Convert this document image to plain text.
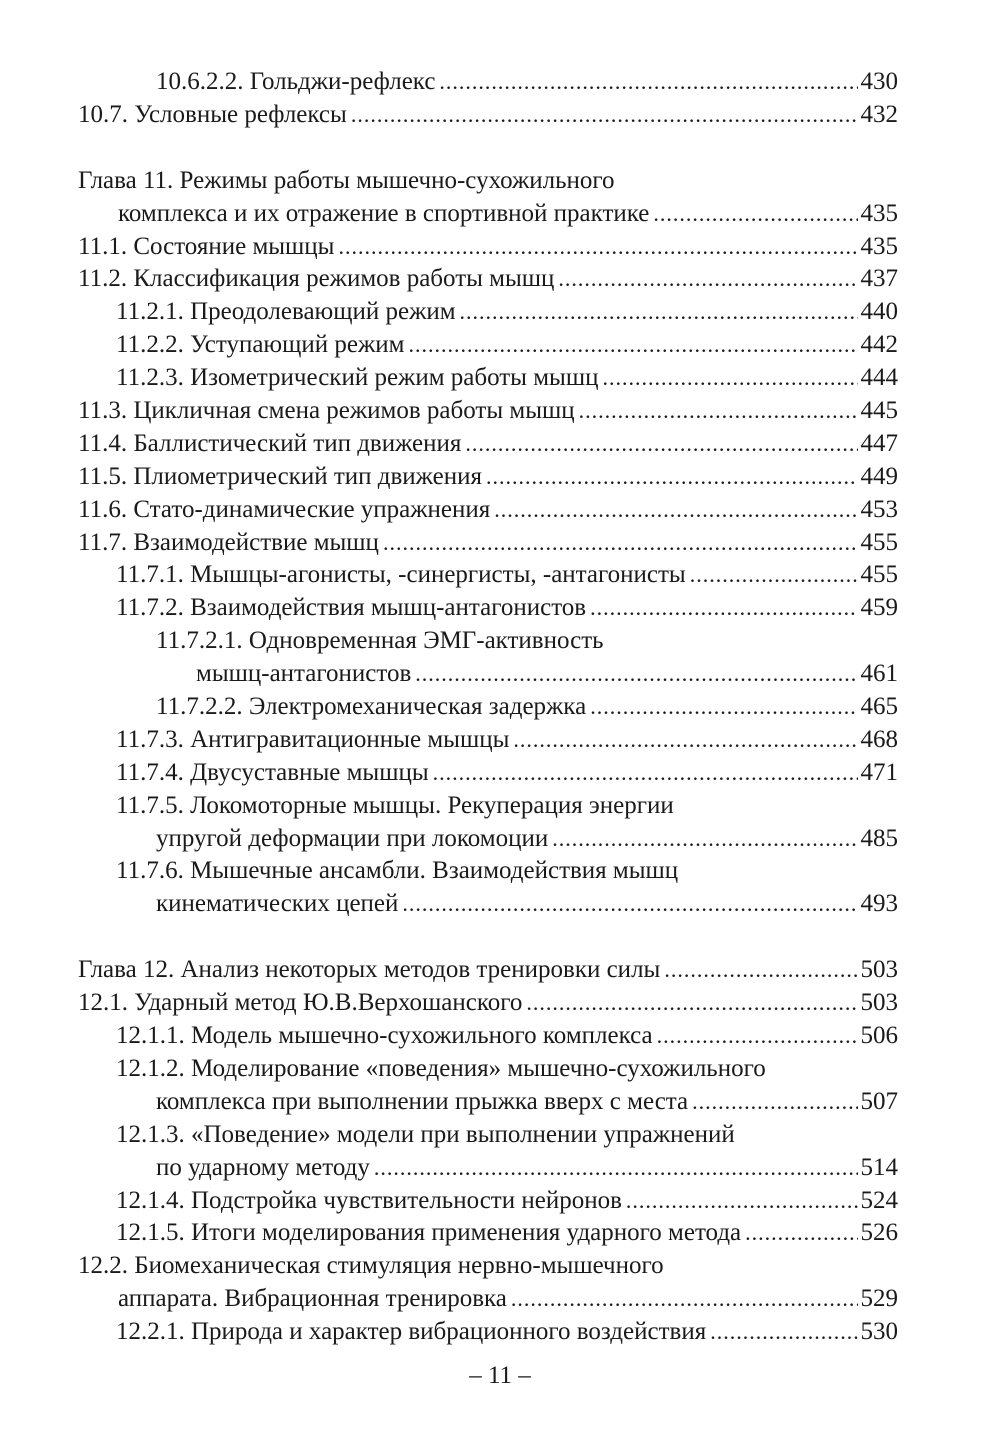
10.6.2.2. Гольджи-рефлекс .....	430
10.7. Условные рефлексы .....	432
Глава 11. Режимы работы мышечно-сухожильного
комплекса и их отражение в спортивной практике .....	435
11.1. Состояние мышцы .....	435
11.2. Классификация режимов работы мышц .....	437
11.2.1. Преодолевающий режим .....	440
11.2.2. Уступающий режим .....	442
11.2.3. Изометрический режим работы мышц .....	444
11.3. Цикличная смена режимов работы мышц .....	445
11.4. Баллистический тип движения .....	447
11.5. Плиометрический тип движения .....	449
11.6. Стато-динамические упражнения .....	453
11.7. Взаимодействие мышц .....	455
11.7.1. Мышцы-агонисты, -синергисты, -антагонисты .....	455
11.7.2. Взаимодействия мышц-антагонистов .....	459
11.7.2.1. Одновременная ЭМГ-активность
мышц-антагонистов .....	461
11.7.2.2. Электромеханическая задержка .....	465
11.7.3. Антигравитационные мышцы .....	468
11.7.4. Двусуставные мышцы .....	471
11.7.5. Локомоторные мышцы. Рекуперация энергии
упругой деформации при локомоции .....	485
11.7.6. Мышечные ансамбли. Взаимодействия мышц
кинематических цепей .....	493
Глава 12. Анализ некоторых методов тренировки силы .....	503
12.1. Ударный метод Ю.В.Верхошанского .....	503
12.1.1. Модель мышечно-сухожильного комплекса .....	506
12.1.2. Моделирование «поведения» мышечно-сухожильного
комплекса при выполнении прыжка вверх с места .....	507
12.1.3. «Поведение» модели при выполнении упражнений
по ударному методу .....	514
12.1.4. Подстройка чувствительности нейронов .....	524
12.1.5. Итоги моделирования применения ударного метода .....	526
12.2. Биомеханическая стимуляция нервно-мышечного
аппарата. Вибрационная тренировка .....	529
12.2.1. Природа и характер вибрационного воздействия .....	530
– 11 –
